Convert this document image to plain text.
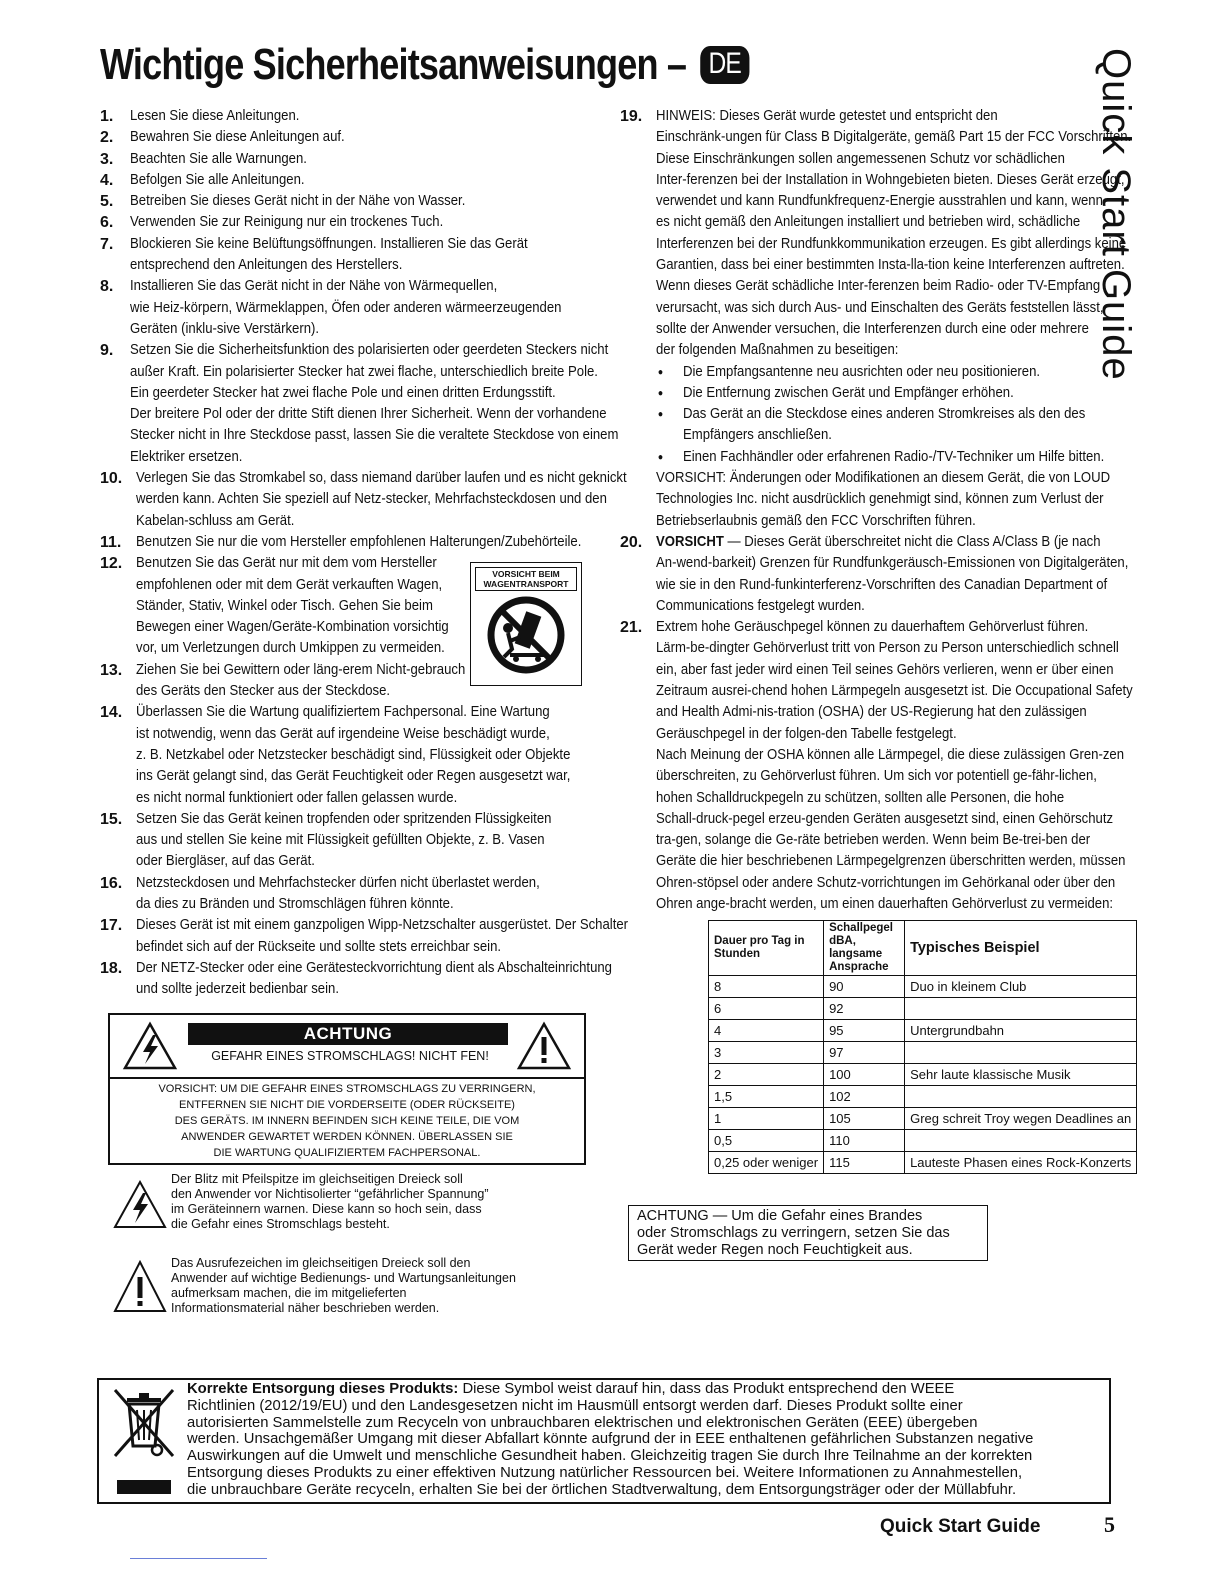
Wichtige Sicherheitsanweisungen – DE	Quick Start Guide
1. Lesen Sie diese Anleitungen.
2. Bewahren Sie diese Anleitungen auf.
3. Beachten Sie alle Warnungen.
4. Befolgen Sie alle Anleitungen.
5. Betreiben Sie dieses Gerät nicht in der Nähe von Wasser.
6. Verwenden Sie zur Reinigung nur ein trockenes Tuch.
7. Blockieren Sie keine Belüftungsöffnungen. Installieren Sie das Gerät
entsprechend den Anleitungen des Herstellers.
8. Installieren Sie das Gerät nicht in der Nähe von Wärmequellen,
wie Heiz-körpern, Wärmeklappen, Öfen oder anderen wärmeerzeugenden
Geräten (inklu-sive Verstärkern).
9. Setzen Sie die Sicherheitsfunktion des polarisierten oder geerdeten Steckers nicht
außer Kraft. Ein polarisierter Stecker hat zwei flache, unterschiedlich breite Pole.
Ein geerdeter Stecker hat zwei flache Pole und einen dritten Erdungsstift.
Der breitere Pol oder der dritte Stift dienen Ihrer Sicherheit. Wenn der vorhandene
Stecker nicht in Ihre Steckdose passt, lassen Sie die veraltete Steckdose von einem
Elektriker ersetzen.
10. Verlegen Sie das Stromkabel so, dass niemand darüber laufen und es nicht geknickt
werden kann. Achten Sie speziell auf Netz-stecker, Mehrfachsteckdosen und den
Kabelan-schluss am Gerät.
11. Benutzen Sie nur die vom Hersteller empfohlenen Halterungen/Zubehörteile.
12. Benutzen Sie das Gerät nur mit dem vom Hersteller
empfohlenen oder mit dem Gerät verkauften Wagen,
Ständer, Stativ, Winkel oder Tisch. Gehen Sie beim
Bewegen einer Wagen/Geräte-Kombination vorsichtig
vor, um Verletzungen durch Umkippen zu vermeiden.
13. Ziehen Sie bei Gewittern oder läng-erem Nicht-gebrauch
des Geräts den Stecker aus der Steckdose.
14. Überlassen Sie die Wartung qualifiziertem Fachpersonal. Eine Wartung
ist notwendig, wenn das Gerät auf irgendeine Weise beschädigt wurde,
z. B. Netzkabel oder Netzstecker beschädigt sind, Flüssigkeit oder Objekte
ins Gerät gelangt sind, das Gerät Feuchtigkeit oder Regen ausgesetzt war,
es nicht normal funktioniert oder fallen gelassen wurde.
15. Setzen Sie das Gerät keinen tropfenden oder spritzenden Flüssigkeiten
aus und stellen Sie keine mit Flüssigkeit gefüllten Objekte, z. B. Vasen
oder Biergläser, auf das Gerät.
16. Netzsteckdosen und Mehrfachstecker dürfen nicht überlastet werden,
da dies zu Bränden und Stromschlägen führen könnte.
17. Dieses Gerät ist mit einem ganzpoligen Wipp-Netzschalter ausgerüstet. Der Schalter
befindet sich auf der Rückseite und sollte stets erreichbar sein.
18. Der NETZ-Stecker oder eine Gerätesteckvorrichtung dient als Abschalteinrichtung
und sollte jederzeit bedienbar sein.
VORSICHT BEIM
WAGENTRANSPORT
ACHTUNG
GEFAHR EINES STROMSCHLAGS! NICHT FEN!
VORSICHT: UM DIE GEFAHR EINES STROMSCHLAGS ZU VERRINGERN,
ENTFERNEN SIE NICHT DIE VORDERSEITE (ODER RÜCKSEITE)
DES GERÄTS. IM INNERN BEFINDEN SICH KEINE TEILE, DIE VOM
ANWENDER GEWARTET WERDEN KÖNNEN. ÜBERLASSEN SIE
DIE WARTUNG QUALIFIZIERTEM FACHPERSONAL.
Der Blitz mit Pfeilspitze im gleichseitigen Dreieck soll
den Anwender vor Nichtisolierter “gefährlicher Spannung”
im Geräteinnern warnen. Diese kann so hoch sein, dass
die Gefahr eines Stromschlags besteht.
Das Ausrufezeichen im gleichseitigen Dreieck soll den
Anwender auf wichtige Bedienungs- und Wartungsanleitungen
aufmerksam machen, die im mitgelieferten
Informationsmaterial näher beschrieben werden.
19. HINWEIS: Dieses Gerät wurde getestet und entspricht den
Einschränk-ungen für Class B Digitalgeräte, gemäß Part 15 der FCC Vorschriften.
Diese Einschränkungen sollen angemessenen Schutz vor schädlichen
Inter-ferenzen bei der Installation in Wohngebieten bieten. Dieses Gerät erzeugt,
verwendet und kann Rundfunkfrequenz-Energie ausstrahlen und kann, wenn
es nicht gemäß den Anleitungen installiert und betrieben wird, schädliche
Interferenzen bei der Rundfunkkommunikation erzeugen. Es gibt allerdings keine
Garantien, dass bei einer bestimmten Insta-lla-tion keine Interferenzen auftreten.
Wenn dieses Gerät schädliche Inter-ferenzen beim Radio- oder TV-Empfang
verursacht, was sich durch Aus- und Einschalten des Geräts feststellen lässt,
sollte der Anwender versuchen, die Interferenzen durch eine oder mehrere
der folgenden Maßnahmen zu beseitigen:
● Die Empfangsantenne neu ausrichten oder neu positionieren.
● Die Entfernung zwischen Gerät und Empfänger erhöhen.
● Das Gerät an die Steckdose eines anderen Stromkreises als den des
Empfängers anschließen.
● Einen Fachhändler oder erfahrenen Radio-/TV-Techniker um Hilfe bitten.
VORSICHT: Änderungen oder Modifikationen an diesem Gerät, die von LOUD
Technologies Inc. nicht ausdrücklich genehmigt sind, können zum Verlust der
Betriebserlaubnis gemäß den FCC Vorschriften führen.
20. VORSICHT — Dieses Gerät überschreitet nicht die Class A/Class B (je nach
An-wend-barkeit) Grenzen für Rundfunkgeräusch-Emissionen von Digitalgeräten,
wie sie in den Rund-funkinterferenz-Vorschriften des Canadian Department of
Communications festgelegt wurden.
21. Extrem hohe Geräuschpegel können zu dauerhaftem Gehörverlust führen.
Lärm-be-dingter Gehörverlust tritt von Person zu Person unterschiedlich schnell
ein, aber fast jeder wird einen Teil seines Gehörs verlieren, wenn er über einen
Zeitraum ausrei-chend hohen Lärmpegeln ausgesetzt ist. Die Occupational Safety
and Health Admi-nis-tration (OSHA) der US-Regierung hat den zulässigen
Geräuschpegel in der folgen-den Tabelle festgelegt.
Nach Meinung der OSHA können alle Lärmpegel, die diese zulässigen Gren-zen
überschreiten, zu Gehörverlust führen. Um sich vor potentiell ge-fähr-lichen,
hohen Schalldruckpegeln zu schützen, sollten alle Personen, die hohe
Schall-druck-pegel erzeu-genden Geräten ausgesetzt sind, einen Gehörschutz
tra-gen, solange die Ge-räte betrieben werden. Wenn beim Be-trei-ben der
Geräte die hier beschriebenen Lärmpegelgrenzen überschritten werden, müssen
Ohren-stöpsel oder andere Schutz-vorrichtungen im Gehörkanal oder über den
Ohren ange-bracht werden, um einen dauerhaften Gehörverlust zu vermeiden:
Dauer pro Tag in Stunden	Schallpegel dBA, langsame Ansprache	Typisches Beispiel
8	90	Duo in kleinem Club
6	92	
4	95	Untergrundbahn
3	97	
2	100	Sehr laute klassische Musik
1,5	102	
1	105	Greg schreit Troy wegen Deadlines an
0,5	110	
0,25 oder weniger	115	Lauteste Phasen eines Rock-Konzerts
ACHTUNG — Um die Gefahr eines Brandes
oder Stromschlags zu verringern, setzen Sie das
Gerät weder Regen noch Feuchtigkeit aus.
Korrekte Entsorgung dieses Produkts: Diese Symbol weist darauf hin, dass das Produkt entsprechend den WEEE
Richtlinien (2012/19/EU) und den Landesgesetzen nicht im Hausmüll entsorgt werden darf. Dieses Produkt sollte einer
autorisierten Sammelstelle zum Recyceln von unbrauchbaren elektrischen und elektronischen Geräten (EEE) übergeben
werden. Unsachgemäßer Umgang mit dieser Abfallart könnte aufgrund der in EEE enthaltenen gefährlichen Substanzen negative
Auswirkungen auf die Umwelt und menschliche Gesundheit haben. Gleichzeitig tragen Sie durch Ihre Teilnahme an der korrekten
Entsorgung dieses Produkts zu einer effektiven Nutzung natürlicher Ressourcen bei. Weitere Informationen zu Annahmestellen,
die unbrauchbare Geräte recyceln, erhalten Sie bei der örtlichen Stadtverwaltung, dem Entsorgungsträger oder der Müllabfuhr.
Quick Start Guide	5
